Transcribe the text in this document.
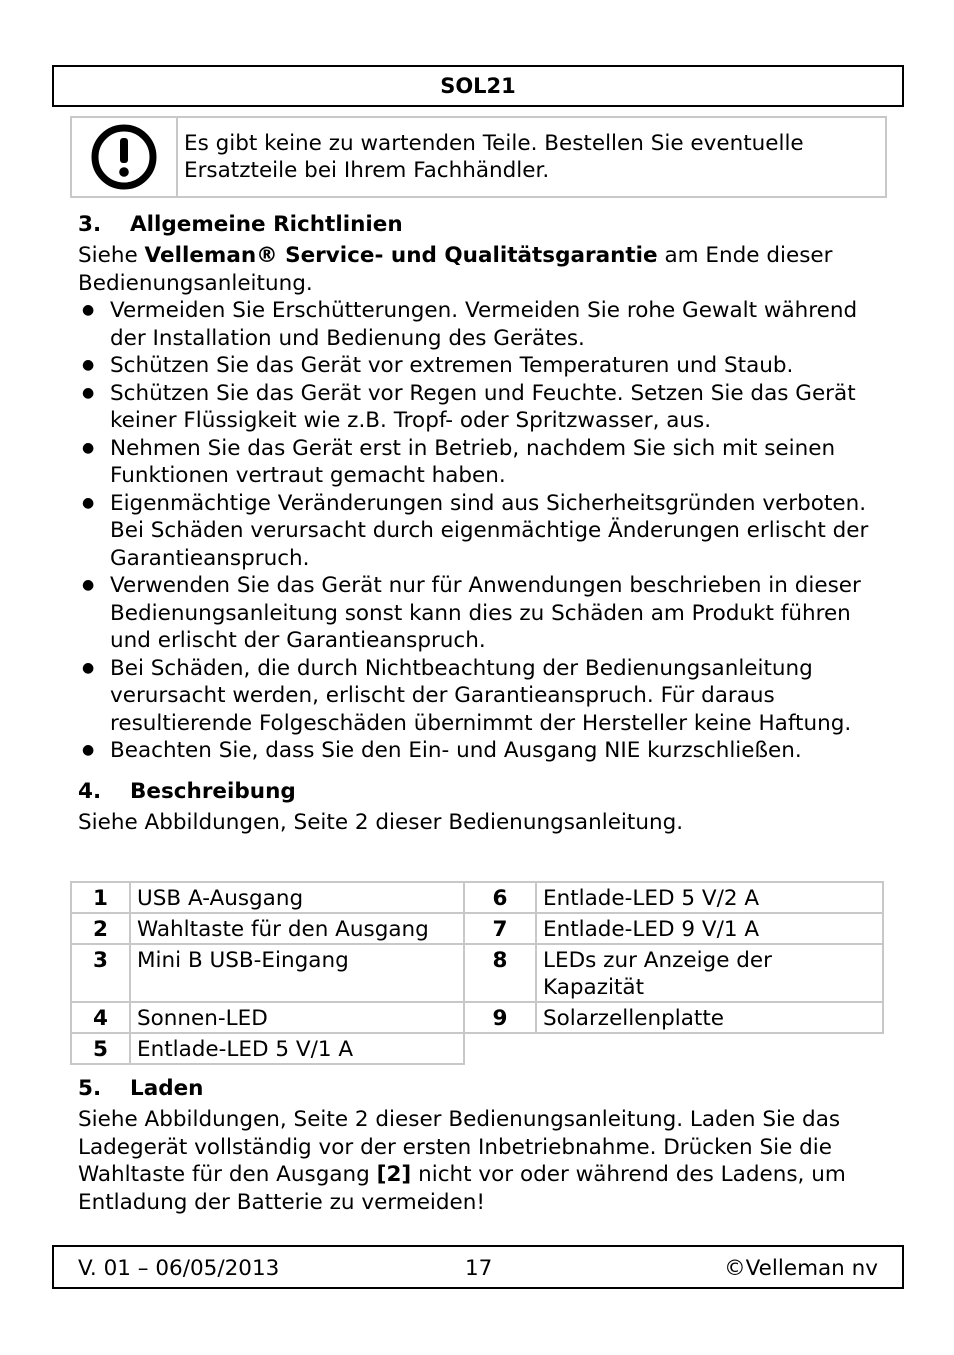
SOL21
Es gibt keine zu wartenden Teile. Bestellen Sie eventuelle
Ersatzteile bei Ihrem Fachhändler.
3.	Allgemeine Richtlinien

Siehe Velleman® Service- und Qualitätsgarantie am Ende dieser Bedienungsanleitung.

● Vermeiden Sie Erschütterungen. Vermeiden Sie rohe Gewalt während der Installation und Bedienung des Gerätes.
● Schützen Sie das Gerät vor extremen Temperaturen und Staub.
● Schützen Sie das Gerät vor Regen und Feuchte. Setzen Sie das Gerät keiner Flüssigkeit wie z.B. Tropf- oder Spritzwasser, aus.
● Nehmen Sie das Gerät erst in Betrieb, nachdem Sie sich mit seinen Funktionen vertraut gemacht haben.
● Eigenmächtige Veränderungen sind aus Sicherheitsgründen verboten. Bei Schäden verursacht durch eigenmächtige Änderungen erlischt der Garantieanspruch.
● Verwenden Sie das Gerät nur für Anwendungen beschrieben in dieser Bedienungsanleitung sonst kann dies zu Schäden am Produkt führen und erlischt der Garantieanspruch.
● Bei Schäden, die durch Nichtbeachtung der Bedienungsanleitung verursacht werden, erlischt der Garantieanspruch. Für daraus resultierende Folgeschäden übernimmt der Hersteller keine Haftung.
● Beachten Sie, dass Sie den Ein- und Ausgang NIE kurzschließen.
4.	Beschreibung

Siehe Abbildungen, Seite 2 dieser Bedienungsanleitung.

1	USB A-Ausgang	6	Entlade-LED 5 V/2 A
2	Wahltaste für den Ausgang	7	Entlade-LED 9 V/1 A
3	Mini B USB-Eingang	8	LEDs zur Anzeige der Kapazität
4	Sonnen-LED	9	Solarzellenplatte
5	Entlade-LED 5 V/1 A		
5.	Laden

Siehe Abbildungen, Seite 2 dieser Bedienungsanleitung. Laden Sie das Ladegerät vollständig vor der ersten Inbetriebnahme. Drücken Sie die Wahltaste für den Ausgang [2] nicht vor oder während des Ladens, um Entladung der Batterie zu vermeiden!

V. 01 – 06/05/2013	17	©Velleman nv
